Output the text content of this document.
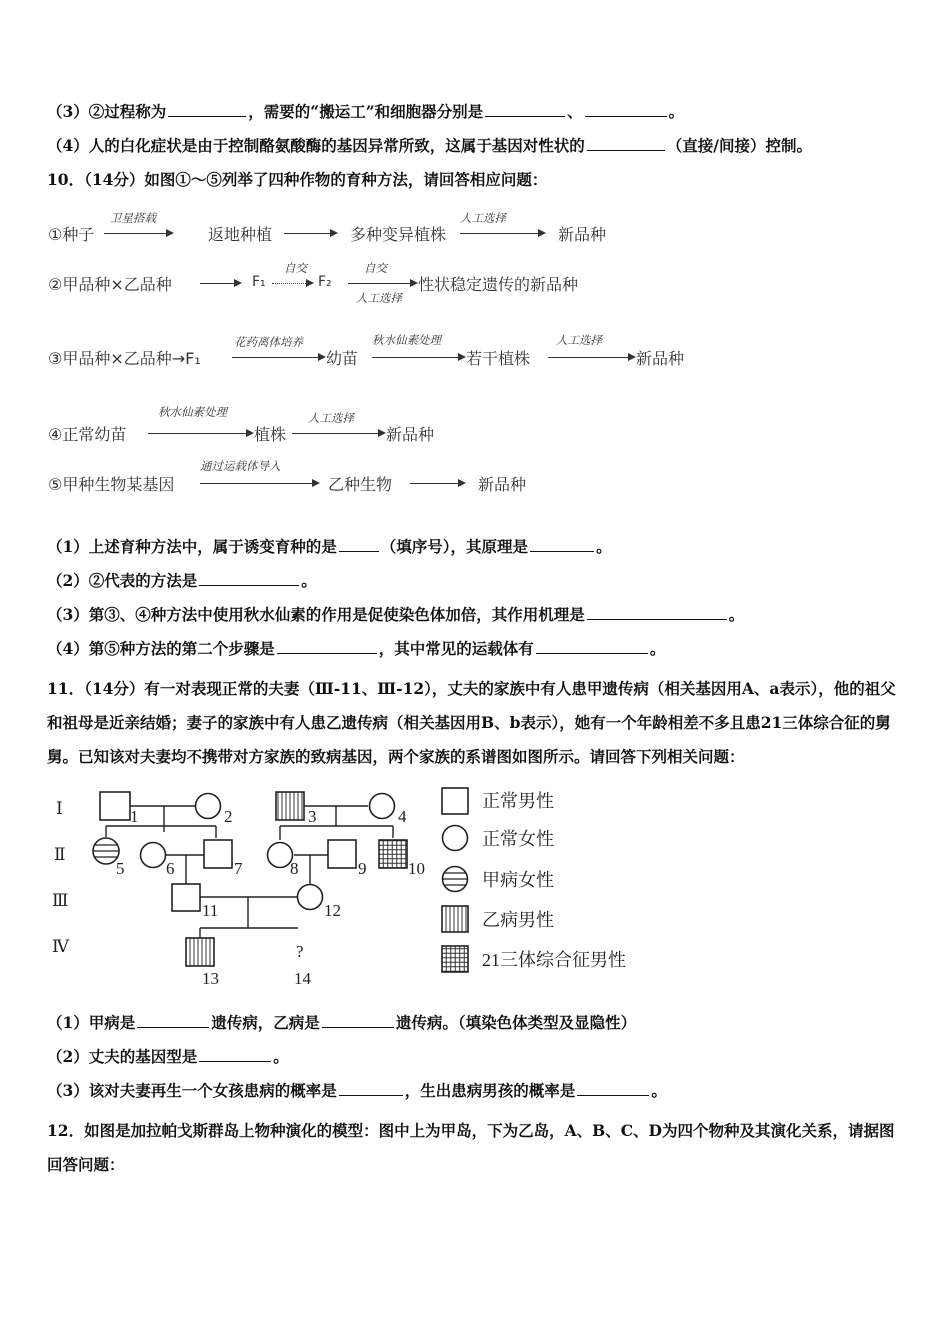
（3）②过程称为	，需要的“搬运工”和细胞器分别是	、	。
（4）人的白化症状是由于控制酪氨酸酶的基因异常所致，这属于基因对性状的	（直接/间接）控制。
10．（14分）如图①～⑤列举了四种作物的育种方法，请回答相应问题：
①种子
卫星搭载
返地种植	多种变异植株
人工选择
新品种
②甲品种×乙品种	F₁
自交
F₂
自交
人工选择
性状稳定遗传的新品种
③甲品种×乙品种→F₁
花药离体培养
幼苗
秋水仙素处理
若干植株
人工选择
新品种
④正常幼苗
秋水仙素处理
植株
人工选择
新品种
⑤甲种生物某基因
通过运载体导入
乙种生物	新品种
（1）上述育种方法中，属于诱变育种的是	（填序号），其原理是	。
（2）②代表的方法是	。
（3）第③、④种方法中使用秋水仙素的作用是促使染色体加倍，其作用机理是	。
（4）第⑤种方法的第二个步骤是	，其中常见的运载体有	。
11．（14分）有一对表现正常的夫妻（Ⅲ-11、Ⅲ-12），丈夫的家族中有人患甲遗传病（相关基因用A、a表示），他的祖父和祖母是近亲结婚；妻子的家族中有人患乙遗传病（相关基因用B、b表示），她有一个年龄相差不多且患21三体综合征的舅舅。已知该对夫妻均不携带对方家族的致病基因，两个家族的系谱图如图所示。请回答下列相关问题：
Ⅰ
Ⅱ
Ⅲ
Ⅳ
1	2	3	4
5 6	7	8	9 10
11	12
13	14
?
正常男性
正常女性
甲病女性
乙病男性
21三体综合征男性
（1）甲病是	遗传病，乙病是	遗传病。（填染色体类型及显隐性）
（2）丈夫的基因型是	。
（3）该对夫妻再生一个女孩患病的概率是	，生出患病男孩的概率是	。
12．如图是加拉帕戈斯群岛上物种演化的模型：图中上为甲岛，下为乙岛，A、B、C、D为四个物种及其演化关系，请据图回答问题：
